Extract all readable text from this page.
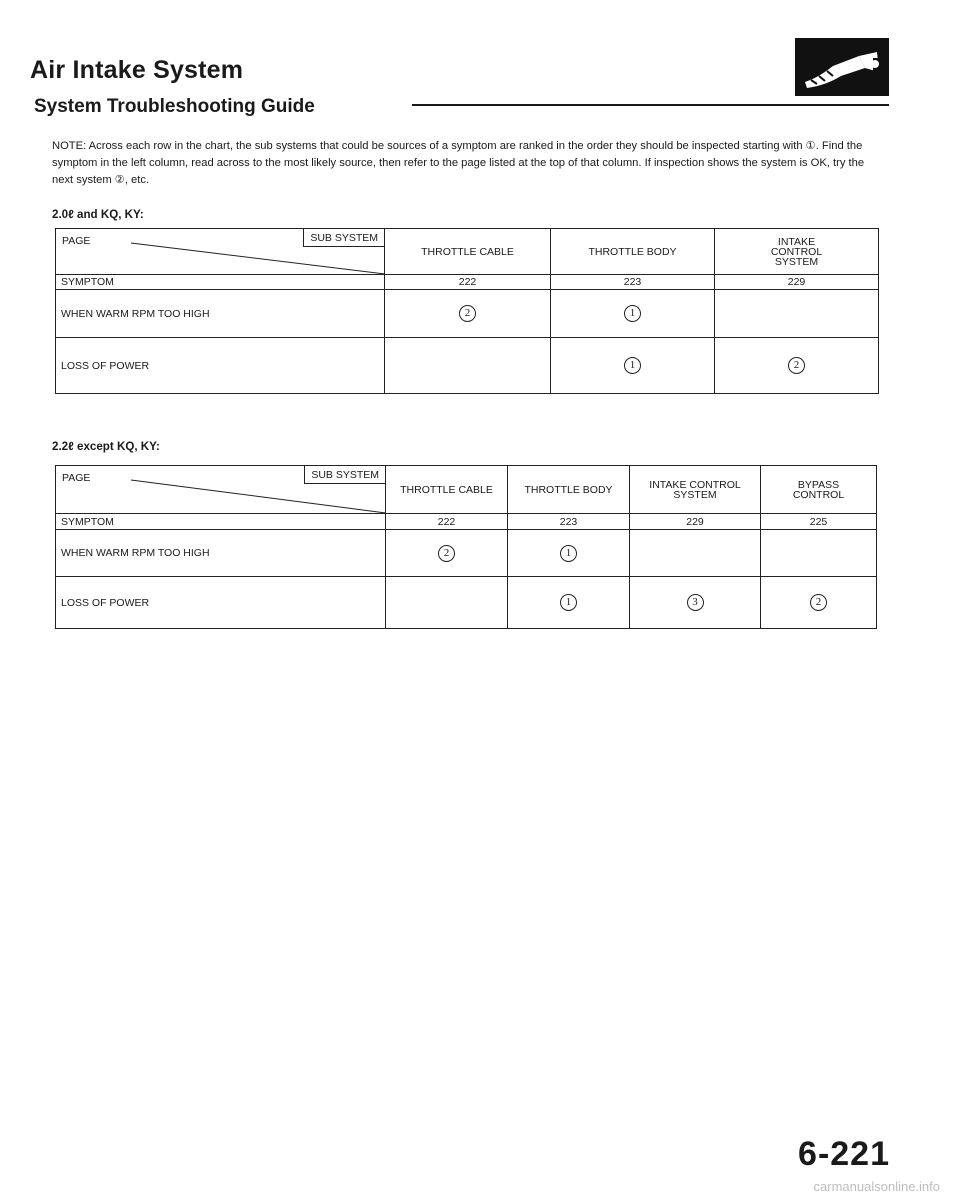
Air Intake System
System Troubleshooting Guide
NOTE: Across each row in the chart, the sub systems that could be sources of a symptom are ranked in the order they should be inspected starting with ①. Find the symptom in the left column, read across to the most likely source, then refer to the page listed at the top of that column. If inspection shows the system is OK, try the next system ②, etc.
2.0ℓ and KQ, KY:
PAGE SUB SYSTEM	THROTTLE CABLE	THROTTLE BODY	INTAKE
CONTROL
SYSTEM
SYMPTOM	222	223	229
WHEN WARM RPM TOO HIGH	2	1	
LOSS OF POWER		1	2
2.2ℓ except KQ, KY:
PAGE SUB SYSTEM	THROTTLE CABLE	THROTTLE BODY	INTAKE CONTROL
SYSTEM	BYPASS
CONTROL
SYMPTOM	222	223	229	225
WHEN WARM RPM TOO HIGH	2	1		
LOSS OF POWER		1	3	2
6-221
carmanualsonline.info
